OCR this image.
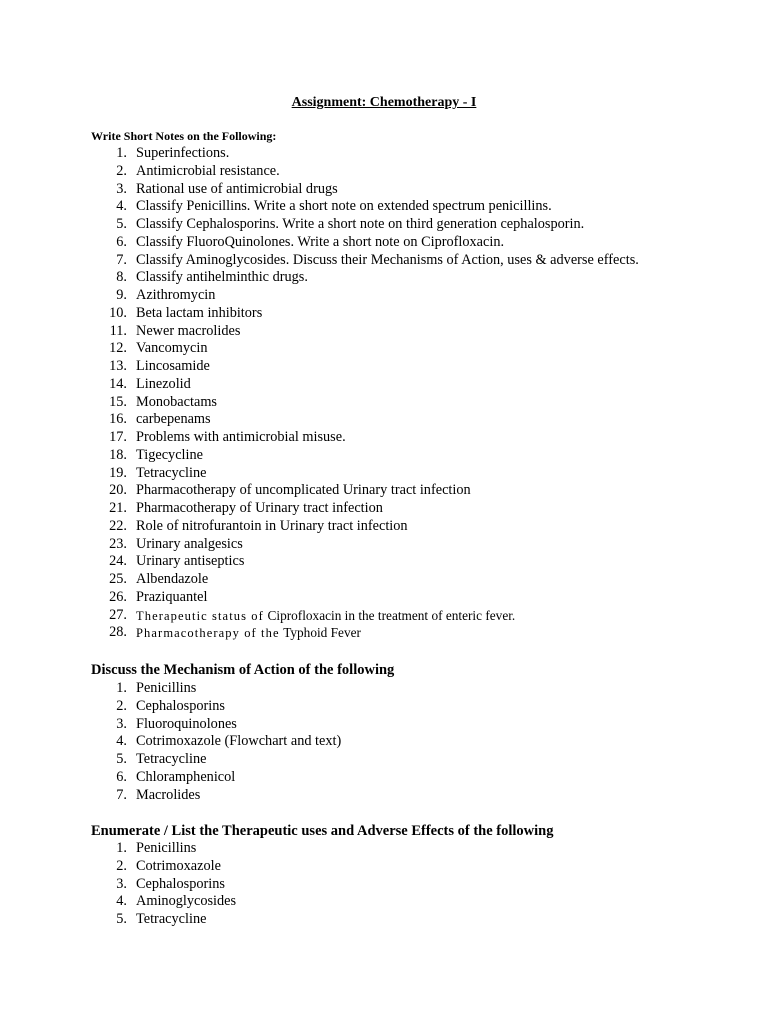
Assignment: Chemotherapy - I
Write Short Notes on the Following:
Superinfections.
Antimicrobial resistance.
Rational use of antimicrobial drugs
Classify Penicillins. Write a short note on extended spectrum penicillins.
Classify Cephalosporins. Write a short note on third generation cephalosporin.
Classify FluoroQuinolones. Write a short note on Ciprofloxacin.
Classify Aminoglycosides. Discuss their Mechanisms of Action, uses & adverse effects.
Classify antihelminthic drugs.
Azithromycin
Beta lactam inhibitors
Newer macrolides
Vancomycin
Lincosamide
Linezolid
Monobactams
carbepenams
Problems with antimicrobial misuse.
Tigecycline
Tetracycline
Pharmacotherapy of uncomplicated Urinary tract infection
Pharmacotherapy of Urinary tract infection
Role of nitrofurantoin in Urinary tract infection
Urinary analgesics
Urinary antiseptics
Albendazole
Praziquantel
Therapeutic status of Ciprofloxacin in the treatment of enteric fever.
Pharmacotherapy of the Typhoid Fever
Discuss the Mechanism of Action of the following
Penicillins
Cephalosporins
Fluoroquinolones
Cotrimoxazole (Flowchart and text)
Tetracycline
Chloramphenicol
Macrolides
Enumerate / List the Therapeutic uses and Adverse Effects of the following
Penicillins
Cotrimoxazole
Cephalosporins
Aminoglycosides
Tetracycline
